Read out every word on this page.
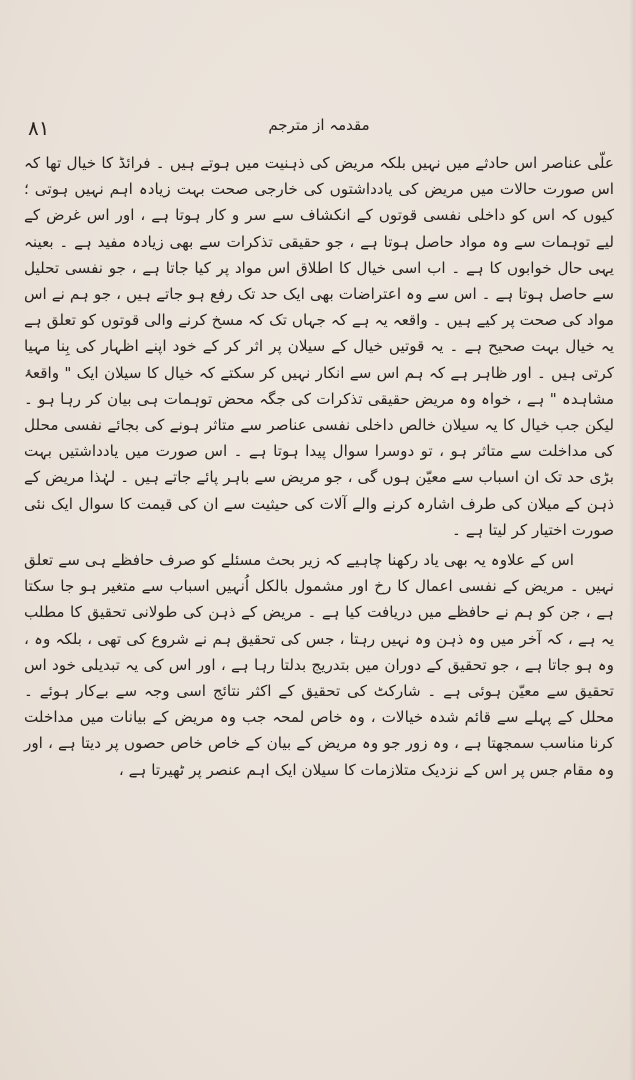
۸۱	مقدمہ از مترجم

علّی عناصر اس حادثے میں نہیں بلکہ مریض کی ذہنیت میں ہوتے ہیں ۔ فرائڈ کا خیال تھا کہ اس صورت حالات میں مریض کی یادداشتوں کی خارجی صحت بہت زیادہ اہم نہیں ہوتی ؛ کیوں کہ اس کو داخلی نفسی قوتوں کے انکشاف سے سر و کار ہوتا ہے ، اور اس غرض کے لیے توہمات سے وہ مواد حاصل ہوتا ہے ، جو حقیقی تذکرات سے بھی زیادہ مفید ہے ۔ بعینہ یہی حال خوابوں کا ہے ۔ اب اسی خیال کا اطلاق اس مواد پر کیا جاتا ہے ، جو نفسی تحلیل سے حاصل ہوتا ہے ۔ اس سے وہ اعتراضات بھی ایک حد تک رفع ہو جاتے ہیں ، جو ہم نے اس مواد کی صحت پر کیے ہیں ۔ واقعہ یہ ہے کہ جہاں تک کہ مسخ کرنے والی قوتوں کو تعلق ہے یہ خیال بہت صحیح ہے ۔ یہ قوتیں خیال کے سیلان پر اثر کر کے خود اپنے اظہار کی بِنا مہیا کرتی ہیں ۔ اور ظاہر ہے کہ ہم اس سے انکار نہیں کر سکتے کہ خیال کا سیلان ایک " واقعۂ مشاہدہ " ہے ، خواہ وہ مریض حقیقی تذکرات کی جگہ محض توہمات ہی بیان کر رہا ہو ۔ لیکن جب خیال کا یہ سیلان خالص داخلی نفسی عناصر سے متاثر ہونے کی بجائے نفسی محلل کی مداخلت سے متاثر ہو ، تو دوسرا سوال پیدا ہوتا ہے ۔ اس صورت میں یادداشتیں بہت بڑی حد تک ان اسباب سے معیّن ہوں گی ، جو مریض سے باہر پائے جاتے ہیں ۔ لہٰذا مریض کے ذہن کے میلان کی طرف اشارہ کرنے والے آلات کی حیثیت سے ان کی قیمت کا سوال ایک نئی صورت اختیار کر لیتا ہے ۔

اس کے علاوہ یہ بھی یاد رکھنا چاہیے کہ زیر بحث مسئلے کو صرف حافظے ہی سے تعلق نہیں ۔ مریض کے نفسی اعمال کا رخ اور مشمول بالکل اُنہیں اسباب سے متغیر ہو جا سکتا ہے ، جن کو ہم نے حافظے میں دریافت کیا ہے ۔ مریض کے ذہن کی طولانی تحقیق کا مطلب یہ ہے ، کہ آخر میں وہ ذہن وہ نہیں رہتا ، جس کی تحقیق ہم نے شروع کی تھی ، بلکہ وہ ، وہ ہو جاتا ہے ، جو تحقیق کے دوران میں بتدریج بدلتا رہا ہے ، اور اس کی یہ تبدیلی خود اس تحقیق سے معیّن ہوئی ہے ۔ شارکٹ کی تحقیق کے اکثر نتائج اسی وجہ سے بےکار ہوئے ۔ محلل کے پہلے سے قائم شدہ خیالات ، وہ خاص لمحہ جب وہ مریض کے بیانات میں مداخلت کرنا مناسب سمجھتا ہے ، وہ زور جو وہ مریض کے بیان کے خاص خاص حصوں پر دیتا ہے ، اور وہ مقام جس پر اس کے نزدیک متلازمات کا سیلان ایک اہم عنصر پر ٹھیرتا ہے ،
